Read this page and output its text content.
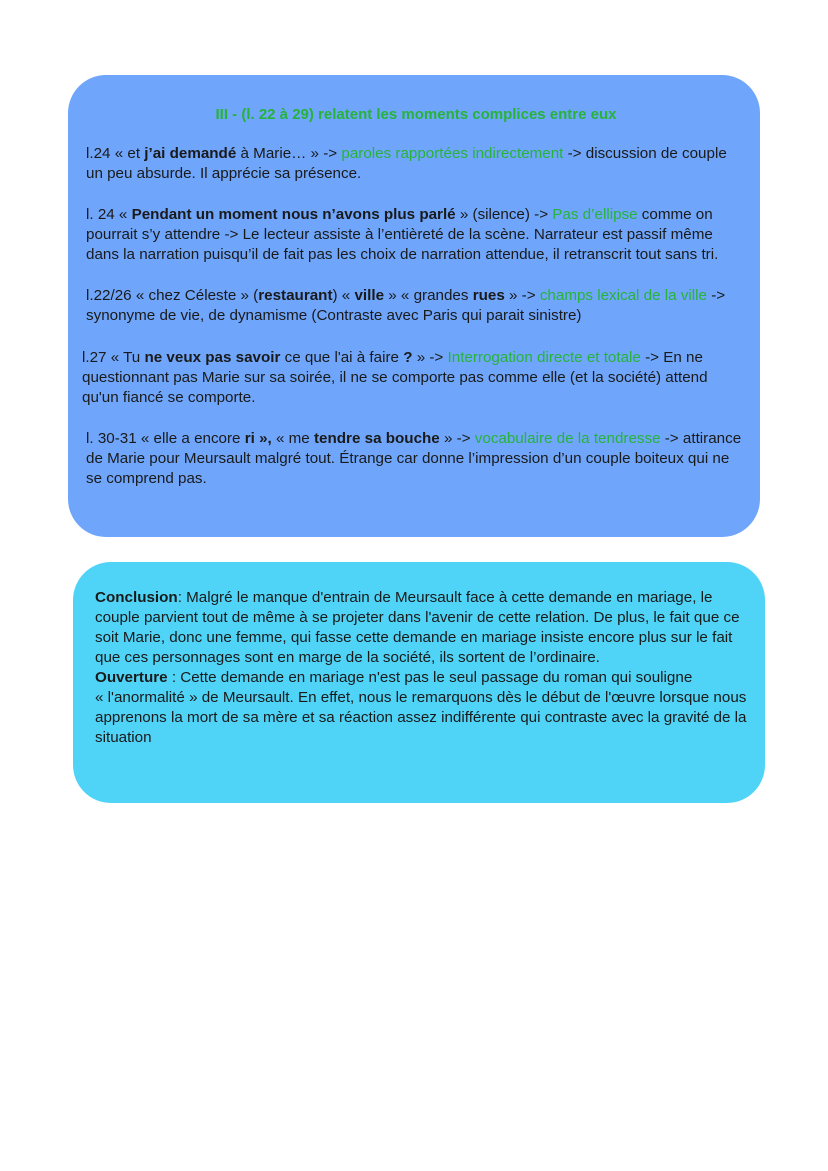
III - (l. 22 à 29) relatent les moments complices entre eux

l.24 « et j’ai demandé à Marie… » -> paroles rapportées indirectement -> discussion de couple un peu absurde. Il apprécie sa présence.

l. 24 « Pendant un moment nous n’avons plus parlé » (silence) -> Pas d’ellipse comme on pourrait s’y attendre -> Le lecteur assiste à l’entièreté de la scène. Narrateur est passif même dans la narration puisqu’il de fait pas les choix de narration attendue, il retranscrit tout sans tri.

l.22/26 « chez Céleste » (restaurant) « ville » « grandes rues » -> champs lexical de la ville -> synonyme de vie, de dynamisme (Contraste avec Paris qui parait sinistre)

l.27 « Tu ne veux pas savoir ce que l'ai à faire ? » -> Interrogation directe et totale -> En ne questionnant pas Marie sur sa soirée, il ne se comporte pas comme elle (et la société) attend qu'un fiancé se comporte.

l. 30-31 « elle a encore ri », « me tendre sa bouche » -> vocabulaire de la tendresse -> attirance de Marie pour Meursault malgré tout. Étrange car donne l’impression d’un couple boiteux qui ne se comprend pas.

Conclusion: Malgré le manque d'entrain de Meursault face à cette demande en mariage, le couple parvient tout de même à se projeter dans l'avenir de cette relation. De plus, le fait que ce soit Marie, donc une femme, qui fasse cette demande en mariage insiste encore plus sur le fait que ces personnages sont en marge de la société, ils sortent de l’ordinaire.

Ouverture : Cette demande en mariage n'est pas le seul passage du roman qui souligne

« l'anormalité » de Meursault. En effet, nous le remarquons dès le début de l'œuvre lorsque nous apprenons la mort de sa mère et sa réaction assez indifférente qui contraste avec la gravité de la situation
